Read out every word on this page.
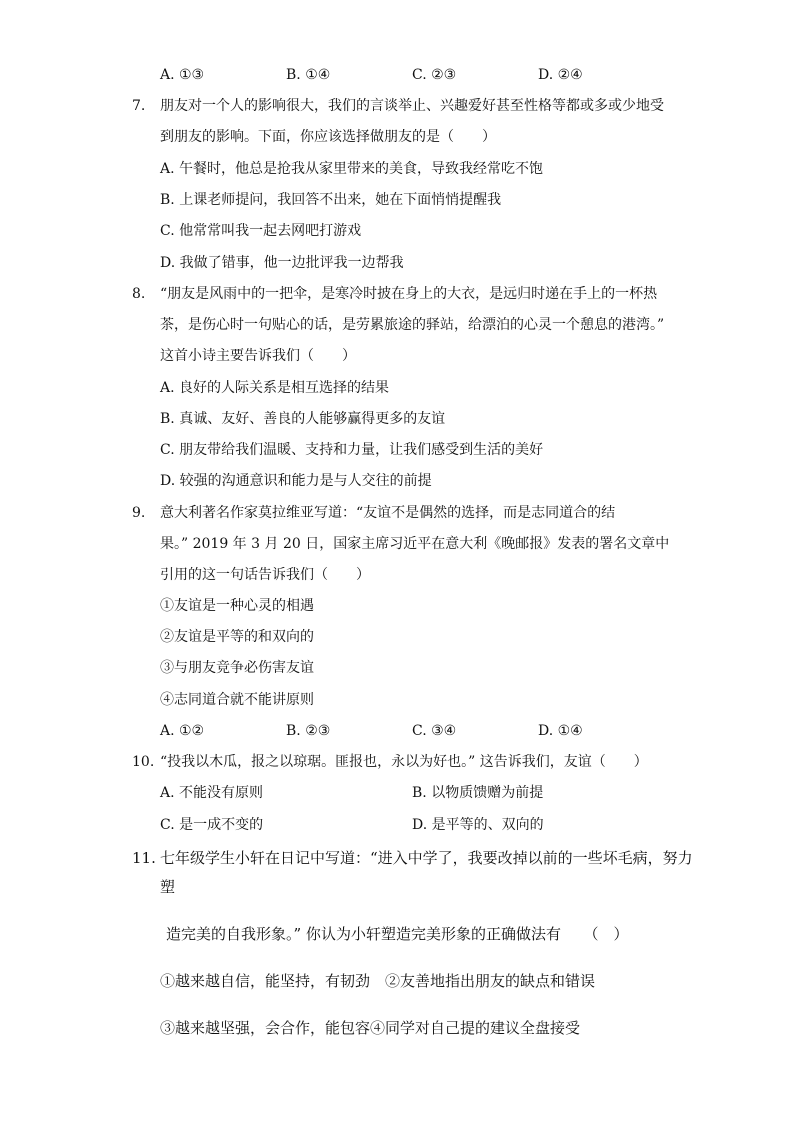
A. ①③	B. ①④	C. ②③	D. ②④
7. 朋友对一个人的影响很大，我们的言谈举止、兴趣爱好甚至性格等都或多或少地受
到朋友的影响。下面，你应该选择做朋友的是（　　）
A. 午餐时，他总是抢我从家里带来的美食，导致我经常吃不饱
B. 上课老师提问，我回答不出来，她在下面悄悄提醒我
C. 他常常叫我一起去网吧打游戏
D. 我做了错事，他一边批评我一边帮我
8. “朋友是风雨中的一把伞，是寒冷时披在身上的大衣，是远归时递在手上的一杯热
茶，是伤心时一句贴心的话，是劳累旅途的驿站，给漂泊的心灵一个憩息的港湾。”
这首小诗主要告诉我们（　　）
A. 良好的人际关系是相互选择的结果
B. 真诚、友好、善良的人能够赢得更多的友谊
C. 朋友带给我们温暖、支持和力量，让我们感受到生活的美好
D. 较强的沟通意识和能力是与人交往的前提
9. 意大利著名作家莫拉维亚写道：“友谊不是偶然的选择，而是志同道合的结
果。” 2019 年 3 月 20 日，国家主席习近平在意大利《晚邮报》发表的署名文章中
引用的这一句话告诉我们（　　）
①友谊是一种心灵的相遇
②友谊是平等的和双向的
③与朋友竞争必伤害友谊
④志同道合就不能讲原则
A. ①②	B. ②③	C. ③④	D. ①④
10. “投我以木瓜，报之以琼琚。匪报也，永以为好也。” 这告诉我们，友谊（　　）
A. 不能没有原则	B. 以物质馈赠为前提
C. 是一成不变的	D. 是平等的、双向的
11. 七年级学生小轩在日记中写道：“进入中学了，我要改掉以前的一些坏毛病，努力
塑
造完美的自我形象。” 你认为小轩塑造完美形象的正确做法有　　（　）
①越来越自信，能坚持，有韧劲　②友善地指出朋友的缺点和错误
③越来越坚强，会合作，能包容④同学对自己提的建议全盘接受
